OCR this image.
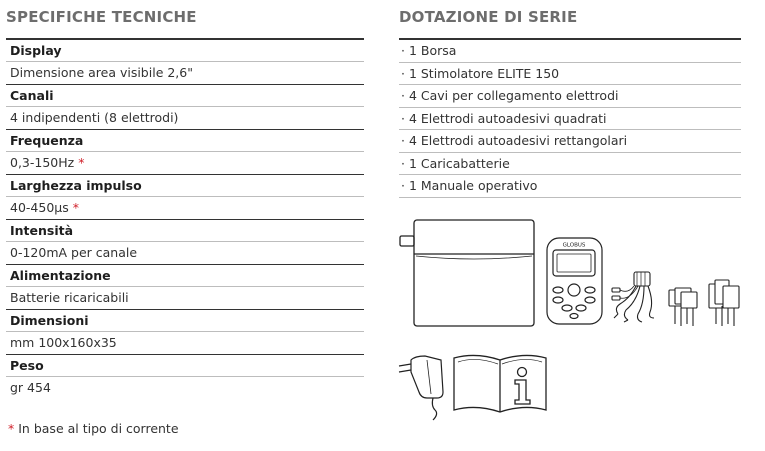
SPECIFICHE TECNICHE	DOTAZIONE DI SERIE
Display
Dimensione area visibile 2,6"
Canali
4 indipendenti (8 elettrodi)
Frequenza
0,3-150Hz *
Larghezza impulso
40-450μs *
Intensità
0-120mA per canale
Alimentazione
Batterie ricaricabili
Dimensioni
mm 100x160x35
Peso
gr 454
* In base al tipo di corrente
· 1 Borsa
· 1 Stimolatore ELITE 150
· 4 Cavi per collegamento elettrodi
· 4 Elettrodi autoadesivi quadrati
· 4 Elettrodi autoadesivi rettangolari
· 1 Caricabatterie
· 1 Manuale operativo
GLOBUS
i
